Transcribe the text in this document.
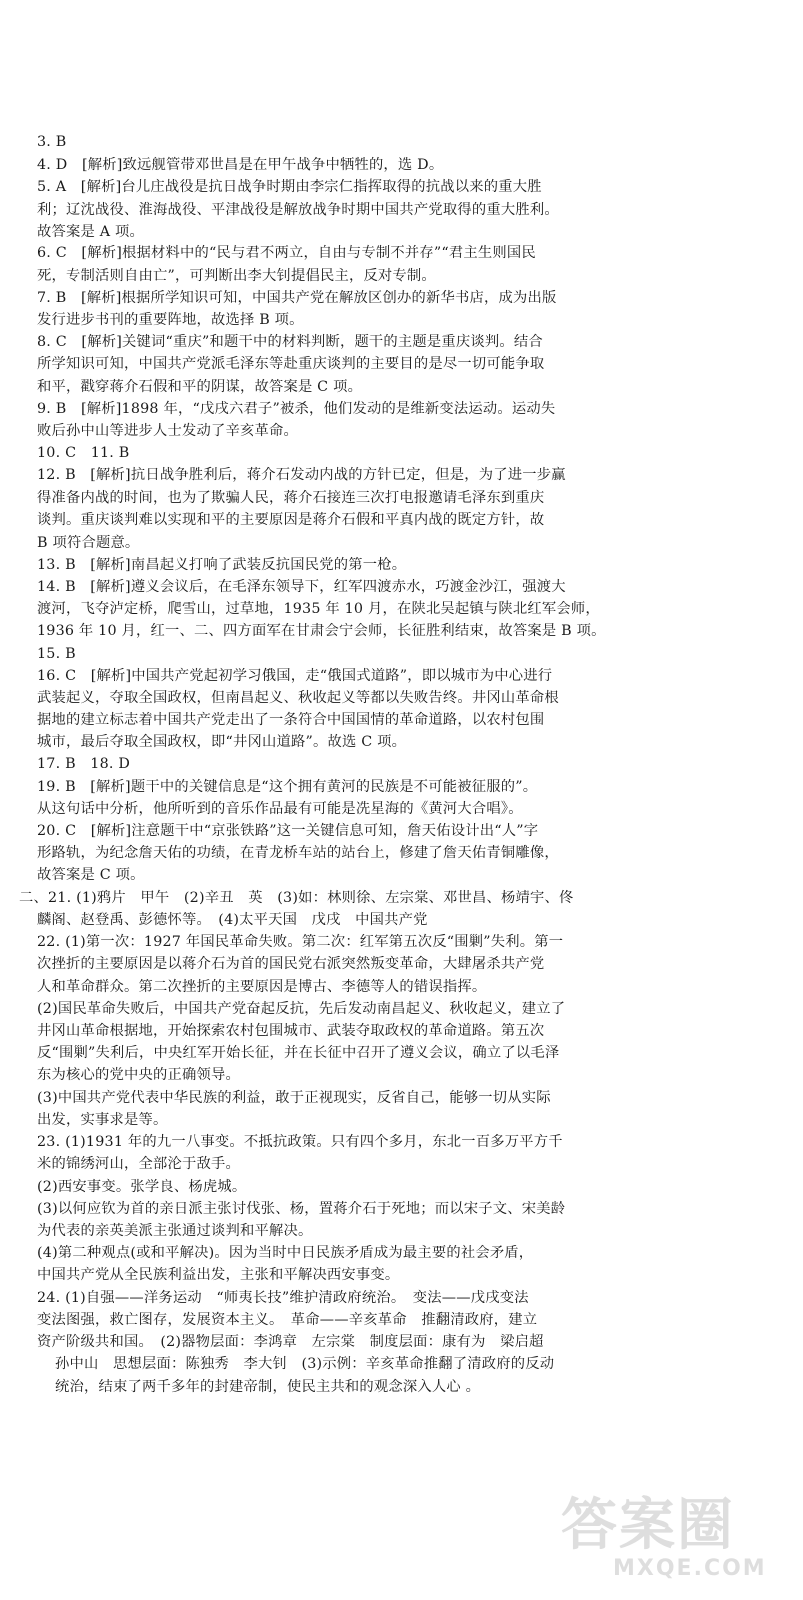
3. B
4. D　[解析]致远舰管带邓世昌是在甲午战争中牺牲的，选 D。
5. A　[解析]台儿庄战役是抗日战争时期由李宗仁指挥取得的抗战以来的重大胜
利；辽沈战役、淮海战役、平津战役是解放战争时期中国共产党取得的重大胜利。
故答案是 A 项。
6. C　[解析]根据材料中的“民与君不两立，自由与专制不并存”“君主生则国民
死，专制活则自由亡”，可判断出李大钊提倡民主，反对专制。
7. B　[解析]根据所学知识可知，中国共产党在解放区创办的新华书店，成为出版
发行进步书刊的重要阵地，故选择 B 项。
8. C　[解析]关键词“重庆”和题干中的材料判断，题干的主题是重庆谈判。结合
所学知识可知，中国共产党派毛泽东等赴重庆谈判的主要目的是尽一切可能争取
和平，戳穿蒋介石假和平的阴谋，故答案是 C 项。
9. B　[解析]1898 年，“戊戌六君子”被杀，他们发动的是维新变法运动。运动失
败后孙中山等进步人士发动了辛亥革命。
10. C　11. B
12. B　[解析]抗日战争胜利后，蒋介石发动内战的方针已定，但是，为了进一步赢
得准备内战的时间，也为了欺骗人民，蒋介石接连三次打电报邀请毛泽东到重庆
谈判。重庆谈判难以实现和平的主要原因是蒋介石假和平真内战的既定方针，故
B 项符合题意。
13. B　[解析]南昌起义打响了武装反抗国民党的第一枪。
14. B　[解析]遵义会议后，在毛泽东领导下，红军四渡赤水，巧渡金沙江，强渡大
渡河，飞夺泸定桥，爬雪山，过草地，1935 年 10 月，在陕北吴起镇与陕北红军会师，
1936 年 10 月，红一、二、四方面军在甘肃会宁会师，长征胜利结束，故答案是 B 项。
15. B
16. C　[解析]中国共产党起初学习俄国，走“俄国式道路”，即以城市为中心进行
武装起义，夺取全国政权，但南昌起义、秋收起义等都以失败告终。井冈山革命根
据地的建立标志着中国共产党走出了一条符合中国国情的革命道路，以农村包围
城市，最后夺取全国政权，即“井冈山道路”。故选 C 项。
17. B　18. D
19. B　[解析]题干中的关键信息是“这个拥有黄河的民族是不可能被征服的”。
从这句话中分析，他所听到的音乐作品最有可能是冼星海的《黄河大合唱》。
20. C　[解析]注意题干中“京张铁路”这一关键信息可知，詹天佑设计出“人”字
形路轨，为纪念詹天佑的功绩，在青龙桥车站的站台上，修建了詹天佑青铜雕像，
故答案是 C 项。
二、21. (1)鸦片　甲午　(2)辛丑　英　(3)如：林则徐、左宗棠、邓世昌、杨靖宇、佟
麟阁、赵登禹、彭德怀等。　(4)太平天国　戊戌　中国共产党
22. (1)第一次：1927 年国民革命失败。第二次：红军第五次反“围剿”失利。第一
次挫折的主要原因是以蒋介石为首的国民党右派突然叛变革命，大肆屠杀共产党
人和革命群众。第二次挫折的主要原因是博古、李德等人的错误指挥。
(2)国民革命失败后，中国共产党奋起反抗，先后发动南昌起义、秋收起义，建立了
井冈山革命根据地，开始探索农村包围城市、武装夺取政权的革命道路。第五次
反“围剿”失利后，中央红军开始长征，并在长征中召开了遵义会议，确立了以毛泽
东为核心的党中央的正确领导。
(3)中国共产党代表中华民族的利益，敢于正视现实，反省自己，能够一切从实际
出发，实事求是等。
23. (1)1931 年的九一八事变。不抵抗政策。只有四个多月，东北一百多万平方千
米的锦绣河山，全部沦于敌手。
(2)西安事变。张学良、杨虎城。
(3)以何应钦为首的亲日派主张讨伐张、杨，置蒋介石于死地；而以宋子文、宋美龄
为代表的亲英美派主张通过谈判和平解决。
(4)第二种观点(或和平解决)。因为当时中日民族矛盾成为最主要的社会矛盾，
中国共产党从全民族利益出发，主张和平解决西安事变。
24. (1)自强——洋务运动　“师夷长技”维护清政府统治。　变法——戊戌变法
变法图强，救亡图存，发展资本主义。　革命——辛亥革命　推翻清政府，建立
资产阶级共和国。　(2)器物层面：李鸿章　左宗棠　制度层面：康有为　梁启超
孙中山　思想层面：陈独秀　李大钊　(3)示例：辛亥革命推翻了清政府的反动
统治，结束了两千多年的封建帝制，使民主共和的观念深入人心 。
答案圈
MXQE.COM
